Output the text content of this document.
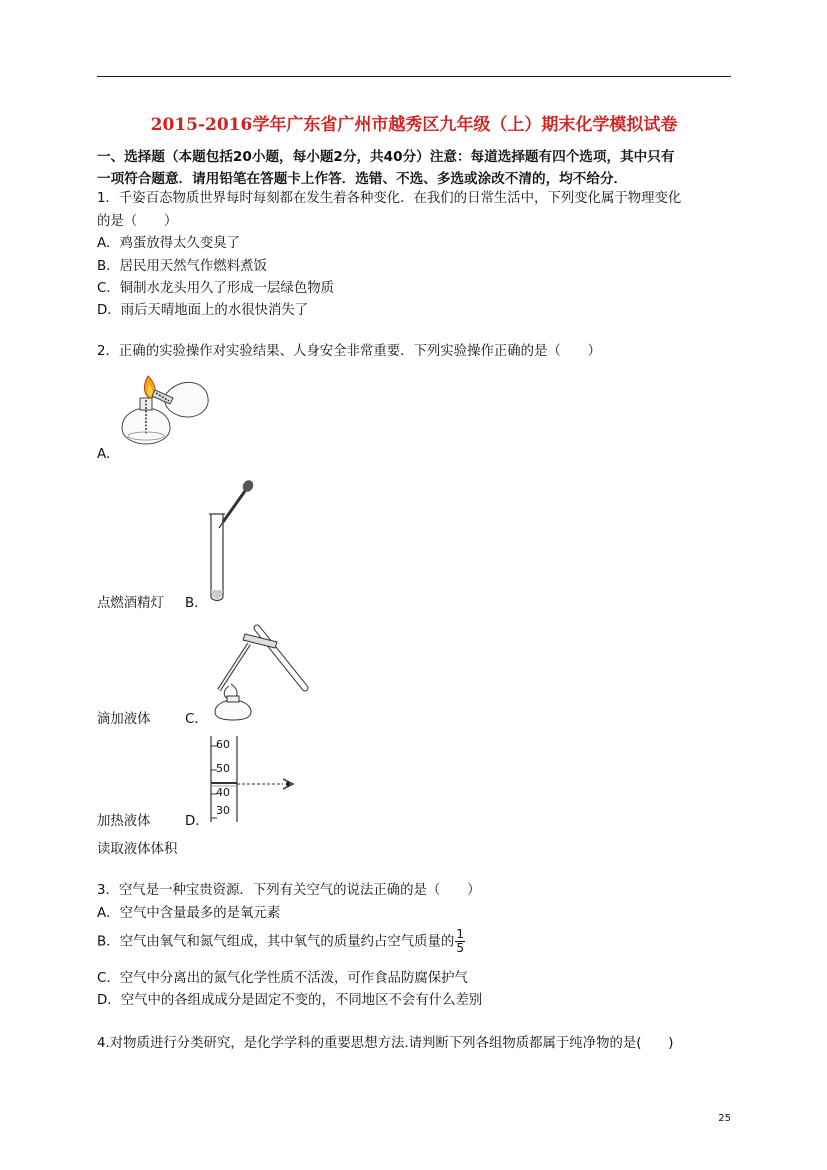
2015-2016学年广东省广州市越秀区九年级（上）期末化学模拟试卷
一、选择题（本题包括20小题，每小题2分，共40分）注意：每道选择题有四个选项，其中只有
一项符合题意．请用铅笔在答题卡上作答．选错、不选、多选或涂改不清的，均不给分．
1．千姿百态物质世界每时每刻都在发生着各种变化．在我们的日常生活中，下列变化属于物理变化
的是（　　）
A．鸡蛋放得太久变臭了
B．居民用天然气作燃料煮饭
C．铜制水龙头用久了形成一层绿色物质
D．雨后天晴地面上的水很快消失了
2．正确的实验操作对实验结果、人身安全非常重要．下列实验操作正确的是（　　）
A．
点燃酒精灯 B．
滴加液体	C．
60
50
40
30
加热液体	D．
读取液体体积
3．空气是一种宝贵资源．下列有关空气的说法正确的是（　　）
A．空气中含量最多的是氧元素
B．空气由氧气和氮气组成，其中氧气的质量约占空气质量的 $\frac{1}{5}$
C．空气中分离出的氮气化学性质不活泼，可作食品防腐保护气
D．空气中的各组成成分是固定不变的，不同地区不会有什么差别
4.对物质进行分类研究，是化学学科的重要思想方法.请判断下列各组物质都属于纯净物的是(　　)
25
